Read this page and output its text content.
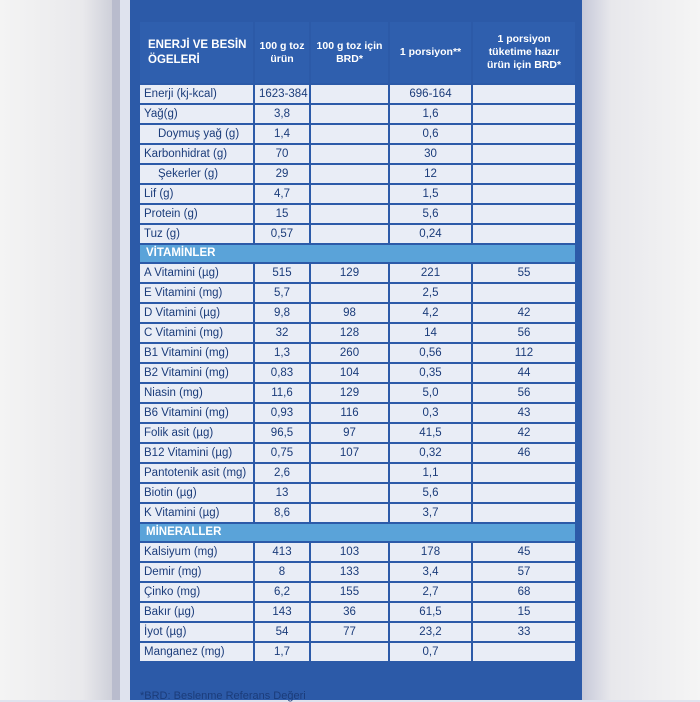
ENERJİ VE BESİN ÖGELERİ	100 g toz ürün	100 g toz için BRD*	1 porsiyon**	1 porsiyon tüketime hazır ürün için BRD*
Enerji (kj-kcal)	1623-384		696-164	
Yağ(g)	3,8		1,6	
Doymuş yağ (g)	1,4		0,6	
Karbonhidrat (g)	70		30	
Şekerler (g)	29		12	
Lif (g)	4,7		1,5	
Protein (g)	15		5,6	
Tuz (g)	0,57		0,24	
VİTAMİNLER				
A Vitamini (µg)	515	129	221	55
E Vitamini (mg)	5,7		2,5	
D Vitamini (µg)	9,8	98	4,2	42
C Vitamini (mg)	32	128	14	56
B1 Vitamini (mg)	1,3	260	0,56	112
B2 Vitamini (mg)	0,83	104	0,35	44
Niasin (mg)	11,6	129	5,0	56
B6 Vitamini (mg)	0,93	116	0,3	43
Folik asit (µg)	96,5	97	41,5	42
B12 Vitamini (µg)	0,75	107	0,32	46
Pantotenik asit (mg)	2,6		1,1	
Biotin (µg)	13		5,6	
K Vitamini (µg)	8,6		3,7	
MİNERALLER				
Kalsiyum (mg)	413	103	178	45
Demir (mg)	8	133	3,4	57
Çinko (mg)	6,2	155	2,7	68
Bakır (µg)	143	36	61,5	15
İyot (µg)	54	77	23,2	33
Manganez (mg)	1,7		0,7	
*BRD: Beslenme Referans Değeri
